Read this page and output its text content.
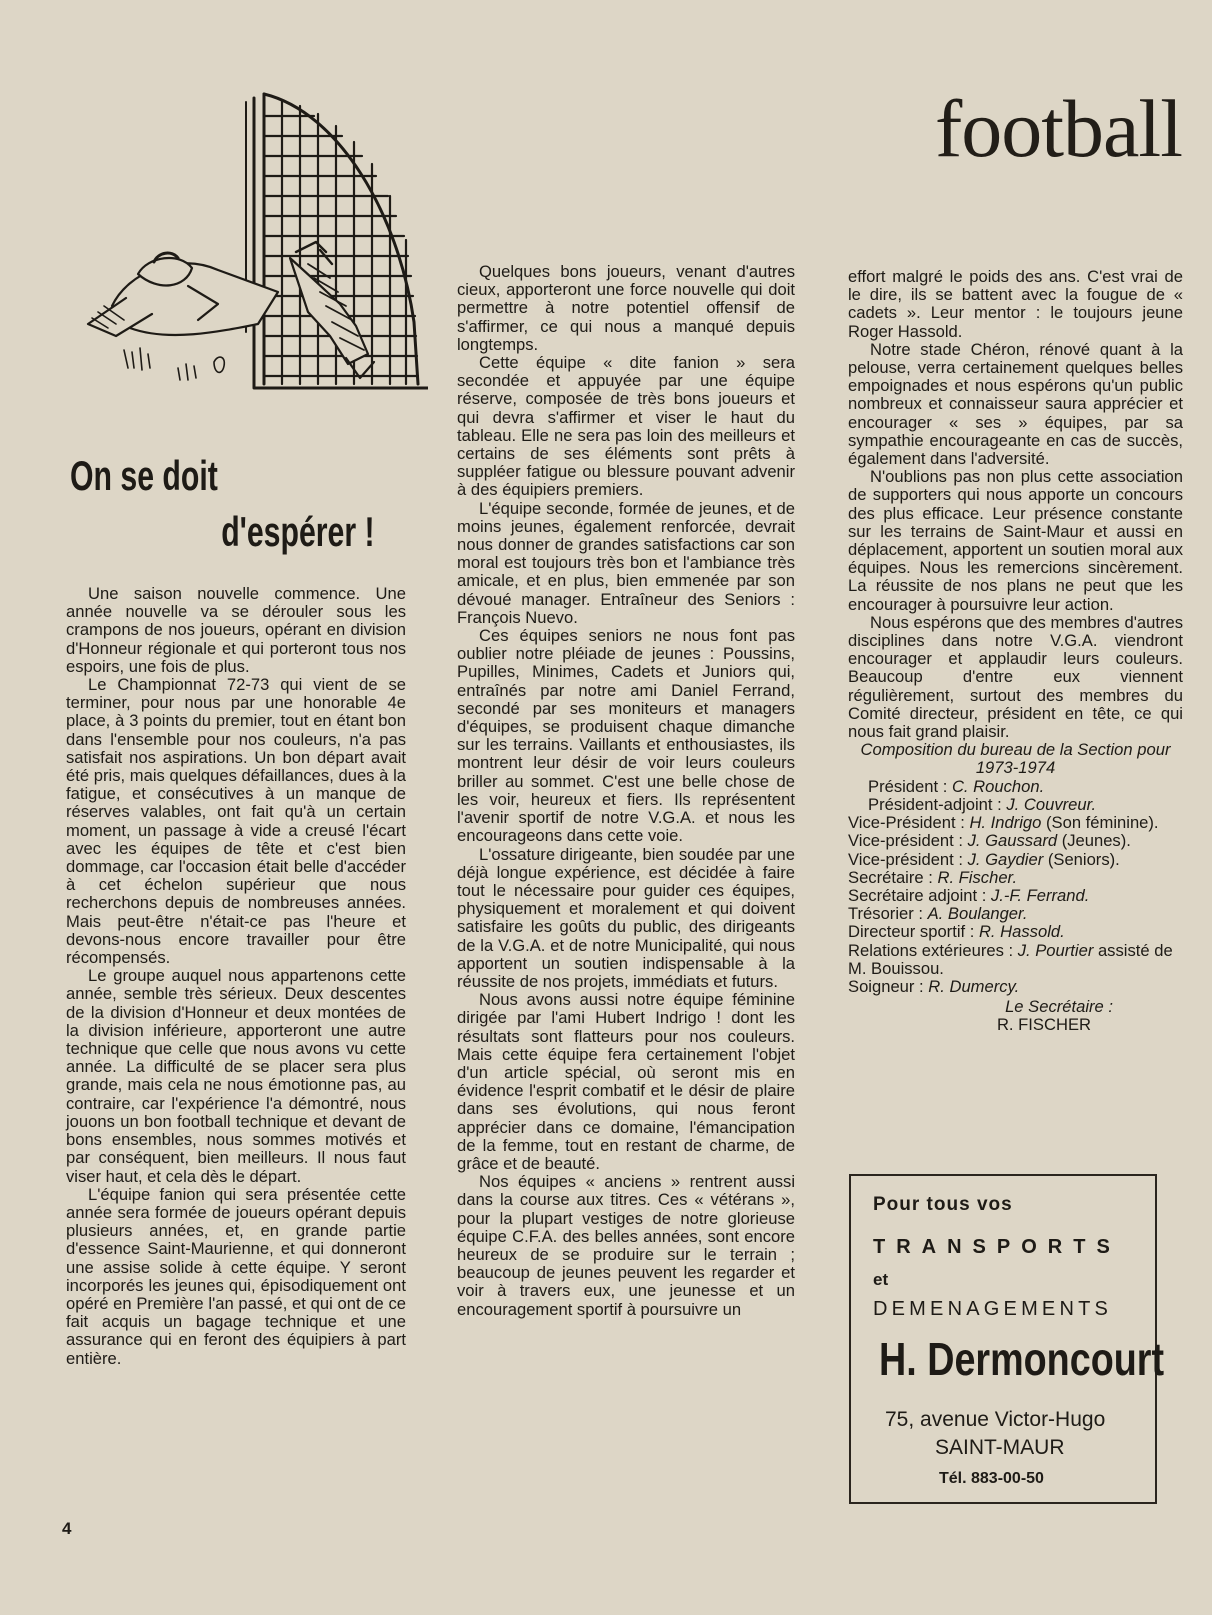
football
On se doit
d'espérer !

Une saison nouvelle commence. Une année nouvelle va se dérouler sous les crampons de nos joueurs, opérant en division d'Honneur régionale et qui porteront tous nos espoirs, une fois de plus.

Le Championnat 72-73 qui vient de se terminer, pour nous par une honorable 4e place, à 3 points du premier, tout en étant bon dans l'ensemble pour nos couleurs, n'a pas satisfait nos aspirations. Un bon départ avait été pris, mais quelques défaillances, dues à la fatigue, et consécutives à un manque de réserves valables, ont fait qu'à un certain moment, un passage à vide a creusé l'écart avec les équipes de tête et c'est bien dommage, car l'occasion était belle d'accéder à cet échelon supérieur que nous recherchons depuis de nombreuses années. Mais peut-être n'était-ce pas l'heure et devons-nous encore travailler pour être récompensés.

Le groupe auquel nous appartenons cette année, semble très sérieux. Deux descentes de la division d'Honneur et deux montées de la division inférieure, apporteront une autre technique que celle que nous avons vu cette année. La difficulté de se placer sera plus grande, mais cela ne nous émotionne pas, au contraire, car l'expérience l'a démontré, nous jouons un bon football technique et devant de bons ensembles, nous sommes motivés et par conséquent, bien meilleurs. Il nous faut viser haut, et cela dès le départ.

L'équipe fanion qui sera présentée cette année sera formée de joueurs opérant depuis plusieurs années, et, en grande partie d'essence Saint-Maurienne, et qui donneront une assise solide à cette équipe. Y seront incorporés les jeunes qui, épisodiquement ont opéré en Première l'an passé, et qui ont de ce fait acquis un bagage technique et une assurance qui en feront des équipiers à part entière.

Quelques bons joueurs, venant d'autres cieux, apporteront une force nouvelle qui doit permettre à notre potentiel offensif de s'affirmer, ce qui nous a manqué depuis longtemps.

Cette équipe « dite fanion » sera secondée et appuyée par une équipe réserve, composée de très bons joueurs et qui devra s'affirmer et viser le haut du tableau. Elle ne sera pas loin des meilleurs et certains de ses éléments sont prêts à suppléer fatigue ou blessure pouvant advenir à des équipiers premiers.

L'équipe seconde, formée de jeunes, et de moins jeunes, également renforcée, devrait nous donner de grandes satisfactions car son moral est toujours très bon et l'ambiance très amicale, et en plus, bien emmenée par son dévoué manager. Entraîneur des Seniors : François Nuevo.

Ces équipes seniors ne nous font pas oublier notre pléiade de jeunes : Poussins, Pupilles, Minimes, Cadets et Juniors qui, entraînés par notre ami Daniel Ferrand, secondé par ses moniteurs et managers d'équipes, se produisent chaque dimanche sur les terrains. Vaillants et enthousiastes, ils montrent leur désir de voir leurs couleurs briller au sommet. C'est une belle chose de les voir, heureux et fiers. Ils représentent l'avenir sportif de notre V.G.A. et nous les encourageons dans cette voie.

L'ossature dirigeante, bien soudée par une déjà longue expérience, est décidée à faire tout le nécessaire pour guider ces équipes, physiquement et moralement et qui doivent satisfaire les goûts du public, des dirigeants de la V.G.A. et de notre Municipalité, qui nous apportent un soutien indispensable à la réussite de nos projets, immédiats et futurs.

Nous avons aussi notre équipe féminine dirigée par l'ami Hubert Indrigo ! dont les résultats sont flatteurs pour nos couleurs. Mais cette équipe fera certainement l'objet d'un article spécial, où seront mis en évidence l'esprit combatif et le désir de plaire dans ses évolutions, qui nous feront apprécier dans ce domaine, l'émancipation de la femme, tout en restant de charme, de grâce et de beauté.

Nos équipes « anciens » rentrent aussi dans la course aux titres. Ces « vétérans », pour la plupart vestiges de notre glorieuse équipe C.F.A. des belles années, sont encore heureux de se produire sur le terrain ; beaucoup de jeunes peuvent les regarder et voir à travers eux, une jeunesse et un encouragement sportif à poursuivre un

effort malgré le poids des ans. C'est vrai de le dire, ils se battent avec la fougue de « cadets ». Leur mentor : le toujours jeune Roger Hassold.

Notre stade Chéron, rénové quant à la pelouse, verra certainement quelques belles empoignades et nous espérons qu'un public nombreux et connaisseur saura apprécier et encourager « ses » équipes, par sa sympathie encourageante en cas de succès, également dans l'adversité.

N'oublions pas non plus cette association de supporters qui nous apporte un concours des plus efficace. Leur présence constante sur les terrains de Saint-Maur et aussi en déplacement, apportent un soutien moral aux équipes. Nous les remercions sincèrement. La réussite de nos plans ne peut que les encourager à poursuivre leur action.

Nous espérons que des membres d'autres disciplines dans notre V.G.A. viendront encourager et applaudir leurs couleurs. Beaucoup d'entre eux viennent régulièrement, surtout des membres du Comité directeur, président en tête, ce qui nous fait grand plaisir.

Composition du bureau de la Section pour 1973-1974

Président : C. Rouchon.

Président-adjoint : J. Couvreur.

Vice-Président : H. Indrigo (Son féminine).

Vice-président : J. Gaussard (Jeunes).

Vice-président : J. Gaydier (Seniors).

Secrétaire : R. Fischer.

Secrétaire adjoint : J.-F. Ferrand.

Trésorier : A. Boulanger.

Directeur sportif : R. Hassold.

Relations extérieures : J. Pourtier assisté de M. Bouissou.

Soigneur : R. Dumercy.

Le Secrétaire :

R. FISCHER

Pour tous vos
TRANSPORTS
et
DEMENAGEMENTS
H. Dermoncourt
75, avenue Victor-Hugo
SAINT-MAUR
Tél. 883-00-50
4
